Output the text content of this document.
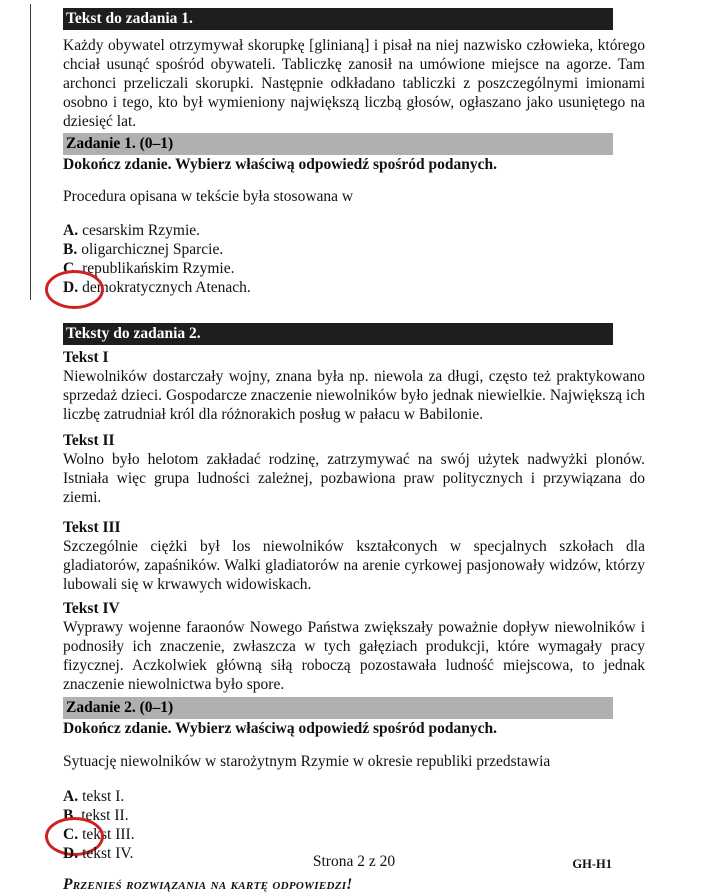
Tekst do zadania 1.

Każdy obywatel otrzymywał skorupkę [glinianą] i pisał na niej nazwisko człowieka, którego chciał usunąć spośród obywateli. Tabliczkę zanosił na umówione miejsce na agorze. Tam archonci przeliczali skorupki. Następnie odkładano tabliczki z poszczególnymi imionami osobno i tego, kto był wymieniony największą liczbą głosów, ogłaszano jako usuniętego na dziesięć lat.

Zadanie 1. (0–1)

Dokończ zdanie. Wybierz właściwą odpowiedź spośród podanych.

Procedura opisana w tekście była stosowana w

A. cesarskim Rzymie.
B. oligarchicznej Sparcie.
C. republikańskim Rzymie.
D. demokratycznych Atenach.
Teksty do zadania 2.

Tekst I

Niewolników dostarczały wojny, znana była np. niewola za długi, często też praktykowano sprzedaż dzieci. Gospodarcze znaczenie niewolników było jednak niewielkie. Największą ich liczbę zatrudniał król dla różnorakich posług w pałacu w Babilonie.

Tekst II

Wolno było helotom zakładać rodzinę, zatrzymywać na swój użytek nadwyżki plonów. Istniała więc grupa ludności zależnej, pozbawiona praw politycznych i przywiązana do ziemi.

Tekst III

Szczególnie ciężki był los niewolników kształconych w specjalnych szkołach dla gladiatorów, zapaśników. Walki gladiatorów na arenie cyrkowej pasjonowały widzów, którzy lubowali się w krwawych widowiskach.

Tekst IV

Wyprawy wojenne faraonów Nowego Państwa zwiększały poważnie dopływ niewolników i podnosiły ich znaczenie, zwłaszcza w tych gałęziach produkcji, które wymagały pracy fizycznej. Aczkolwiek główną siłą roboczą pozostawała ludność miejscowa, to jednak znaczenie niewolnictwa było spore.

Zadanie 2. (0–1)

Dokończ zdanie. Wybierz właściwą odpowiedź spośród podanych.

Sytuację niewolników w starożytnym Rzymie w okresie republiki przedstawia

A. tekst I.
B. tekst II.
C. tekst III.
D. tekst IV.

Przenieś rozwiązania na kartę odpowiedzi!

Strona 2 z 20	GH-H1
